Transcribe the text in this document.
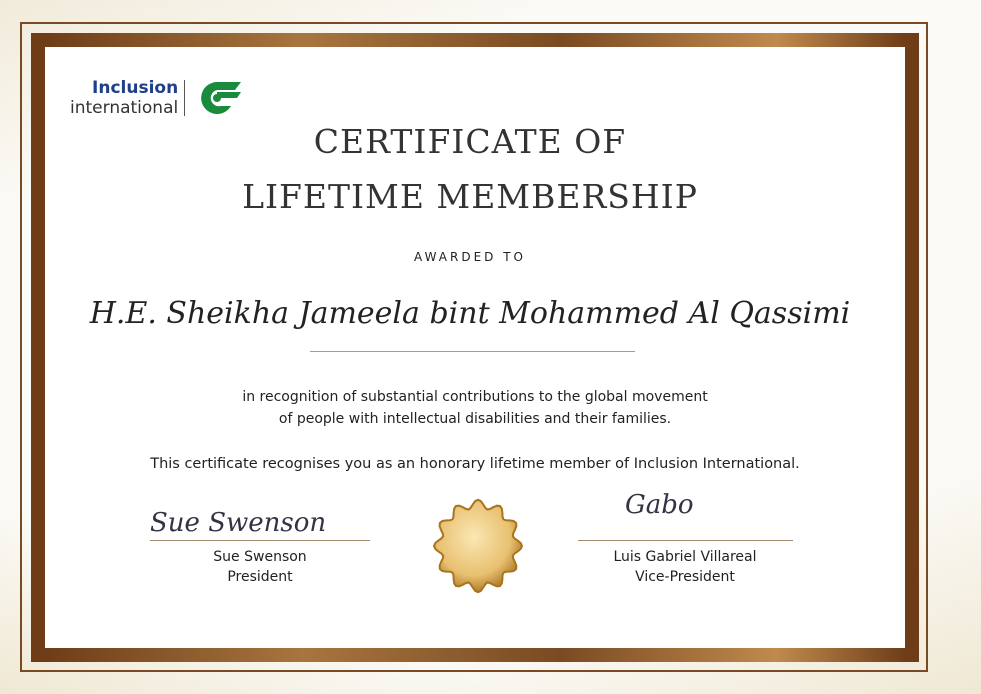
Inclusion
international
CERTIFICATE OF
LIFETIME MEMBERSHIP
AWARDED TO
H.E. Sheikha Jameela bint Mohammed Al Qassimi
in recognition of substantial contributions to the global movement
of people with intellectual disabilities and their families.
This certificate recognises you as an honorary lifetime member of Inclusion International.
Sue Swenson
Sue Swenson
President
Gabo
Luis Gabriel Villareal
Vice-President
